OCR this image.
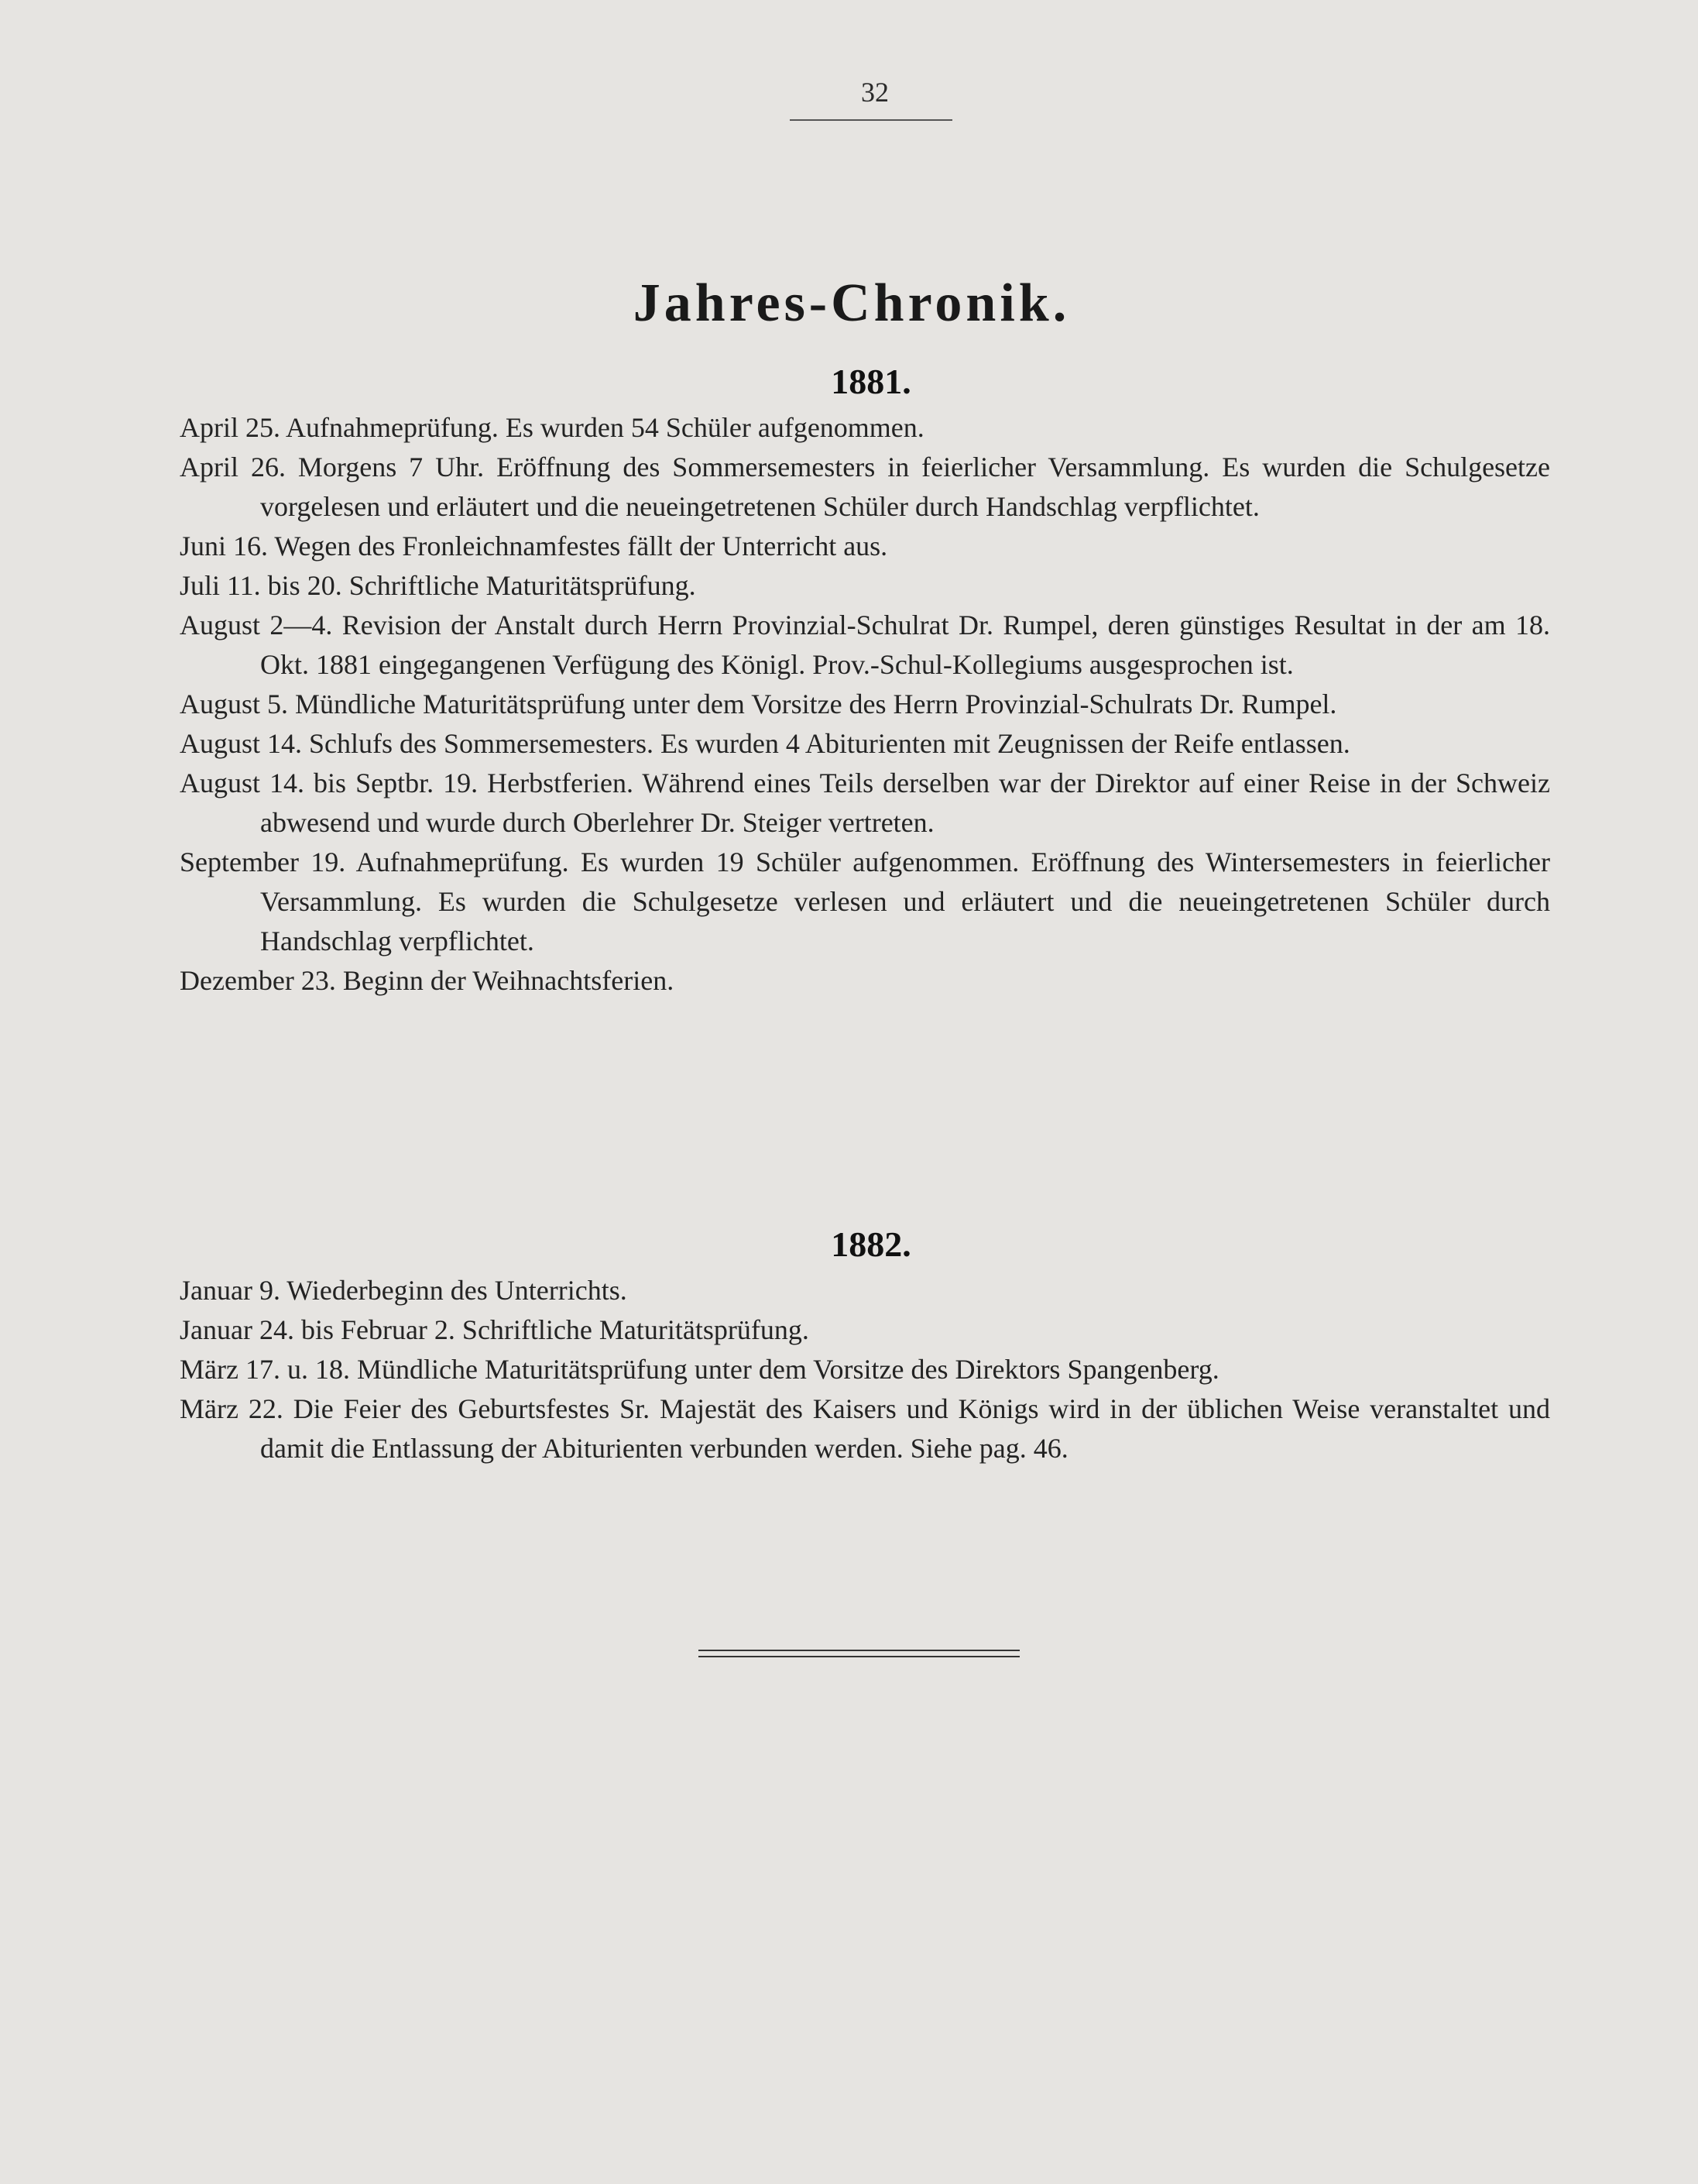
32
Jahres-Chronik.
1881.

April 25. Aufnahmeprüfung. Es wurden 54 Schüler aufgenommen.

April 26. Morgens 7 Uhr. Eröffnung des Sommersemesters in feierlicher Versammlung. Es wurden die Schulgesetze vorgelesen und erläutert und die neueingetretenen Schüler durch Handschlag verpflichtet.

Juni 16. Wegen des Fronleichnamfestes fällt der Unterricht aus.

Juli 11. bis 20. Schriftliche Maturitätsprüfung.

August 2—4. Revision der Anstalt durch Herrn Provinzial-Schulrat Dr. Rumpel, deren günstiges Resultat in der am 18. Okt. 1881 eingegangenen Verfügung des Königl. Prov.-Schul-Kollegiums ausgesprochen ist.

August 5. Mündliche Maturitätsprüfung unter dem Vorsitze des Herrn Provinzial-Schulrats Dr. Rumpel.

August 14. Schlufs des Sommersemesters. Es wurden 4 Abiturienten mit Zeugnissen der Reife entlassen.

August 14. bis Septbr. 19. Herbstferien. Während eines Teils derselben war der Direktor auf einer Reise in der Schweiz abwesend und wurde durch Oberlehrer Dr. Steiger vertreten.

September 19. Aufnahmeprüfung. Es wurden 19 Schüler aufgenommen. Eröffnung des Wintersemesters in feierlicher Versammlung. Es wurden die Schulgesetze verlesen und erläutert und die neueingetretenen Schüler durch Handschlag verpflichtet.

Dezember 23. Beginn der Weihnachtsferien.

1882.

Januar 9. Wiederbeginn des Unterrichts.

Januar 24. bis Februar 2. Schriftliche Maturitätsprüfung.

März 17. u. 18. Mündliche Maturitätsprüfung unter dem Vorsitze des Direktors Spangenberg.

März 22. Die Feier des Geburtsfestes Sr. Majestät des Kaisers und Königs wird in der üblichen Weise veranstaltet und damit die Entlassung der Abiturienten verbunden werden. Siehe pag. 46.
